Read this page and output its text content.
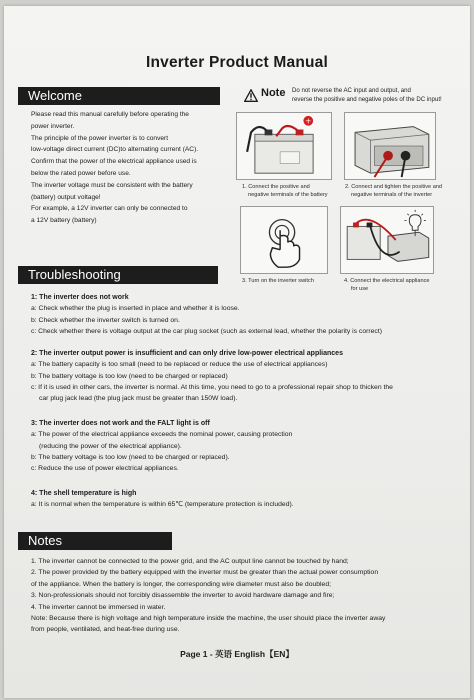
Inverter Product Manual
Welcome

Please read this manual carefully before operating the

power inverter.

The principle of the power inverter is to convert

low-voltage direct current (DC)to alternating current (AC).

Confirm that the power of the electrical appliance used is

below the rated power before use.

The inverter voltage must be consistent with the battery

(battery) output voltage!

For example, a 12V inverter can only be connected to

a 12V battery (battery)

Note Do not reverse the AC input and output, and
reverse the positive and negative poles of the DC input!
+
1. Connect the positive and
negative terminals of the battery
2. Connect and tighten the positive and
negative terminals of the inverter
3. Turn on the inverter switch	4. Connect the electrical appliance
for use
Troubleshooting
1: The inverter does not work
a: Check whether the plug is inserted in place and whether it is loose.
b: Check whether the inverter switch is turned on.
c: Check whether there is voltage output at the car plug socket (such as external lead, whether the polarity is correct)
2: The inverter output power is insufficient and can only drive low-power electrical appliances
a: The battery capacity is too small (need to be replaced or reduce the use of electrical appliances)
b: The battery voltage is too low (need to be charged or replaced)
c: If it is used in other cars, the inverter is normal. At this time, you need to go to a professional repair shop to thicken the
car plug jack lead (the plug jack must be greater than 150W load).
3: The inverter does not work and the FALT light is off
a: The power of the electrical appliance exceeds the nominal power, causing protection
(reducing the power of the electrical appliance).
b: The battery voltage is too low (need to be charged or replaced).
c: Reduce the use of power electrical appliances.
4: The shell temperature is high
a: It is normal when the temperature is within 65℃ (temperature protection is included).
Notes
1. The inverter cannot be connected to the power grid, and the AC output line cannot be touched by hand;
2. The power provided by the battery equipped with the inverter must be greater than the actual power consumption
of the appliance. When the battery is longer, the corresponding wire diameter must also be doubled;
3. Non-professionals should not forcibly disassemble the inverter to avoid hardware damage and fire;
4. The inverter cannot be immersed in water.
Note: Because there is high voltage and high temperature inside the machine, the user should place the inverter away
from people, ventilated, and heat-free during use.
Page 1 - 英语 English【EN】
